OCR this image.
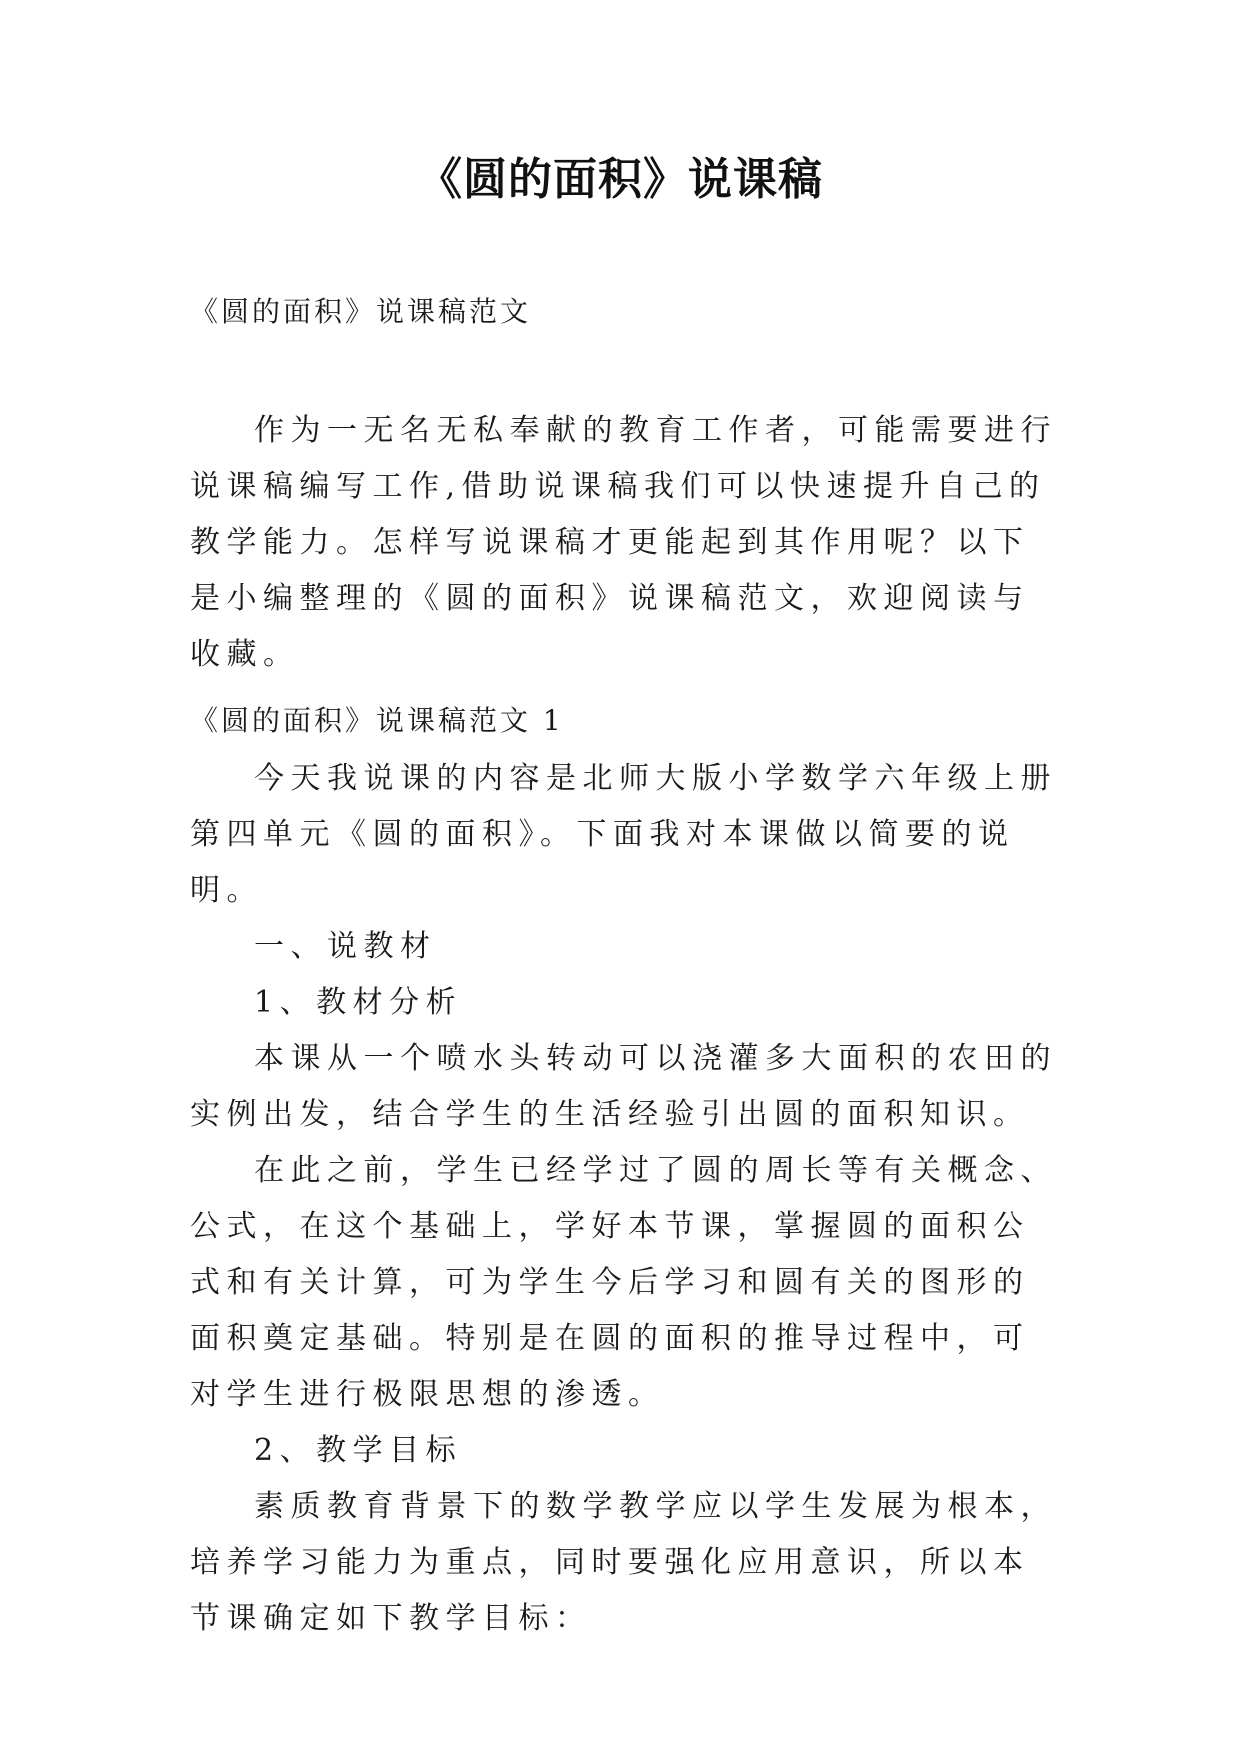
《圆的面积》说课稿
《圆的面积》说课稿范文

作为一无名无私奉献的教育工作者，可能需要进行说课稿编写工作,借助说课稿我们可以快速提升自己的教学能力。怎样写说课稿才更能起到其作用呢？以下是小编整理的《圆的面积》说课稿范文，欢迎阅读与收藏。

《圆的面积》说课稿范文 1

今天我说课的内容是北师大版小学数学六年级上册第四单元《圆的面积》。下面我对本课做以简要的说明。

一、说教材

1、教材分析

本课从一个喷水头转动可以浇灌多大面积的农田的实例出发，结合学生的生活经验引出圆的面积知识。

在此之前，学生已经学过了圆的周长等有关概念、公式，在这个基础上，学好本节课，掌握圆的面积公式和有关计算，可为学生今后学习和圆有关的图形的面积奠定基础。特别是在圆的面积的推导过程中，可对学生进行极限思想的渗透。

2、教学目标

素质教育背景下的数学教学应以学生发展为根本，培养学习能力为重点，同时要强化应用意识，所以本节课确定如下教学目标：
